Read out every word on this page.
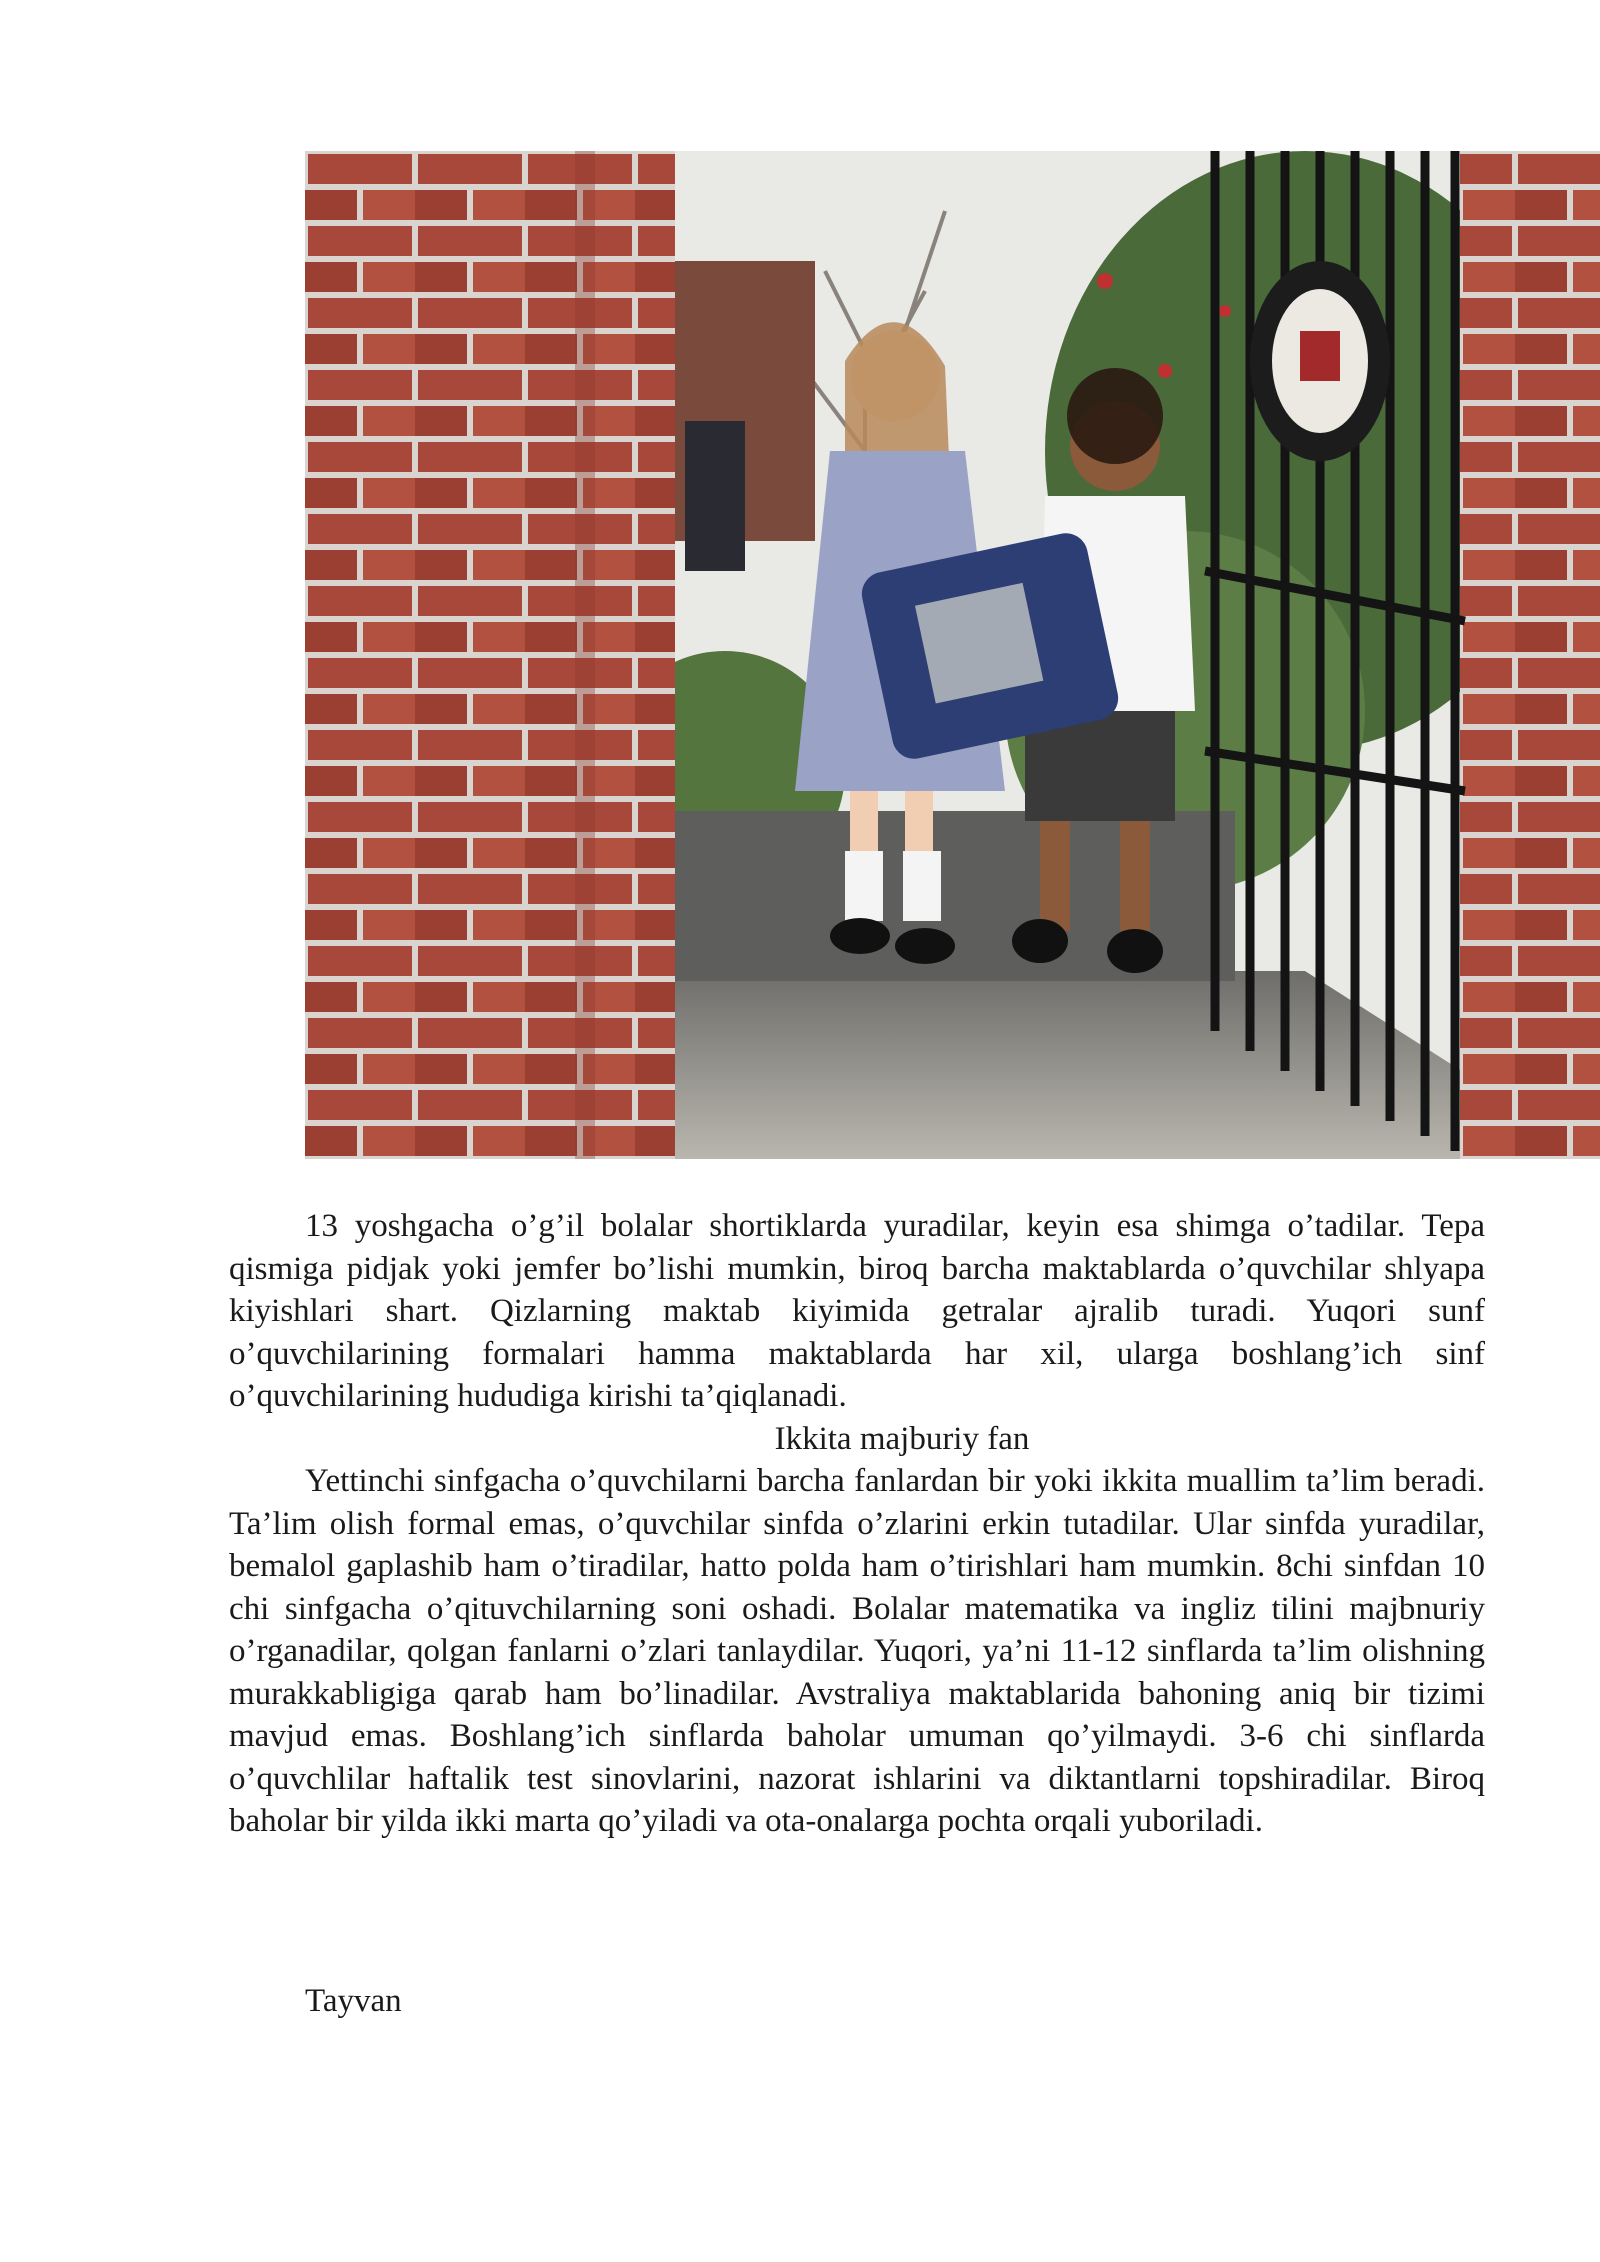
13 yoshgacha o’g’il bolalar shortiklarda yuradilar, keyin esa shimga o’tadilar. Tepa qismiga pidjak yoki jemfer bo’lishi mumkin, biroq barcha maktablarda o’quvchilar shlyapa kiyishlari shart. Qizlarning maktab kiyimida getralar ajralib turadi. Yuqori sunf o’quvchilarining formalari hamma maktablarda har xil, ularga boshlang’ich sinf o’quvchilarining hududiga kirishi ta’qiqlanadi.

Ikkita majburiy fan

Yettinchi sinfgacha o’quvchilarni barcha fanlardan bir yoki ikkita muallim ta’lim beradi. Ta’lim olish formal emas, o’quvchilar sinfda o’zlarini erkin tutadilar. Ular sinfda yuradilar, bemalol gaplashib ham o’tiradilar, hatto polda ham o’tirishlari ham mumkin. 8chi sinfdan 10 chi sinfgacha o’qituvchilarning soni oshadi. Bolalar matematika va ingliz tilini majbnuriy o’rganadilar, qolgan fanlarni o’zlari tanlaydilar. Yuqori, ya’ni 11-12 sinflarda ta’lim olishning murakkabligiga qarab ham bo’linadilar. Avstraliya maktablarida bahoning aniq bir tizimi mavjud emas. Boshlang’ich sinflarda baholar umuman qo’yilmaydi. 3-6 chi sinflarda o’quvchlilar haftalik test sinovlarini, nazorat ishlarini va diktantlarni topshiradilar. Biroq baholar bir yilda ikki marta qo’yiladi va ota-onalarga pochta orqali yuboriladi.

Tayvan
